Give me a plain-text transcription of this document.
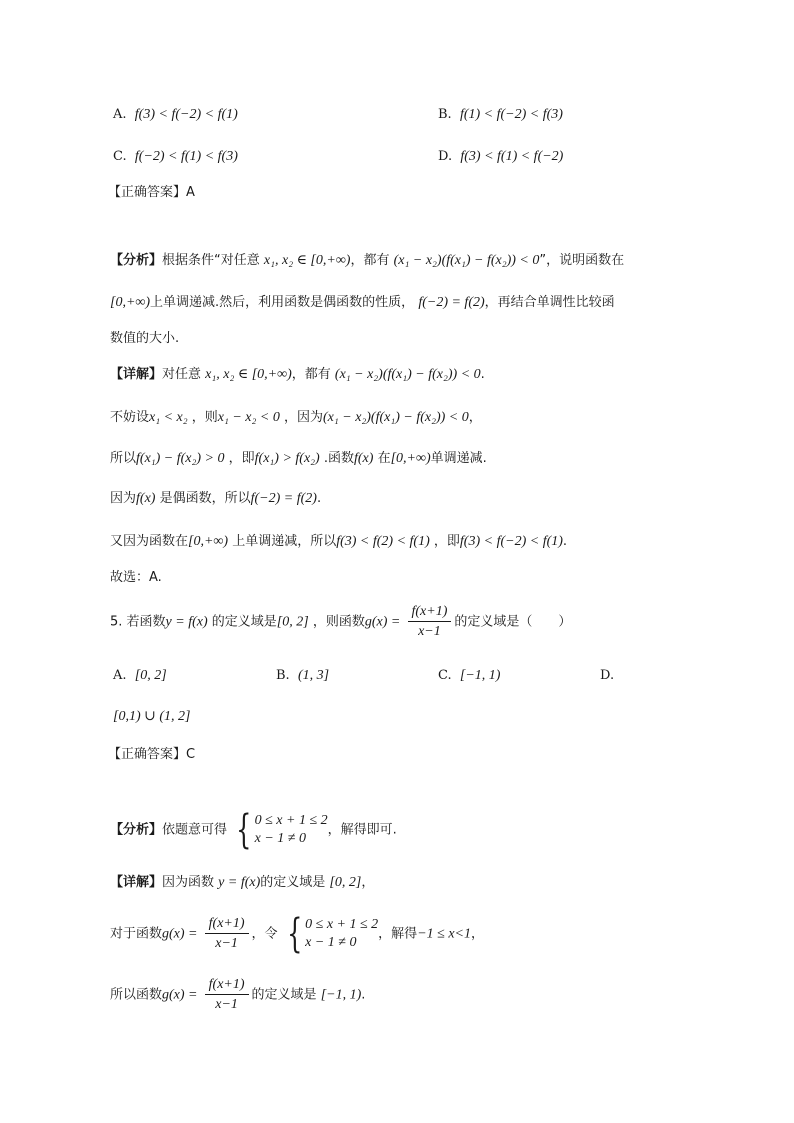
A. f(3) < f(−2) < f(1)	B. f(1) < f(−2) < f(3)
C. f(−2) < f(1) < f(3)	D. f(3) < f(1) < f(−2)
【正确答案】A
【分析】根据条件“对任意 x₁, x₂ ∈ [0,+∞)，都有 (x₁ − x₂)(f(x₁) − f(x₂)) < 0”，说明函数在
[0,+∞)上单调递减.然后，利用函数是偶函数的性质， f(−2) = f(2)，再结合单调性比较函
数值的大小.
【详解】对任意 x₁, x₂ ∈ [0,+∞)，都有 (x₁ − x₂)(f(x₁) − f(x₂)) < 0.
不妨设x₁ < x₂ ，则x₁ − x₂ < 0 ，因为(x₁ − x₂)(f(x₁) − f(x₂)) < 0，
所以f(x₁) − f(x₂) > 0 ，即f(x₁) > f(x₂) .函数f(x) 在[0,+∞)单调递减.
因为f(x) 是偶函数，所以f(−2) = f(2).
又因为函数在[0,+∞) 上单调递减，所以f(3) < f(2) < f(1) ，即f(3) < f(−2) < f(1).
故选：A.
5. 若函数y = f(x) 的定义域是[0, 2] ，则函数$g(x) = \frac{f(x+1)}{x-1}$ 的定义域是（　　）
A. [0, 2]	B. (1, 3]	C. [−1, 1)	D.
[0,1) ∪ (1, 2]
【正确答案】C
【分析】依题意可得 { 0 ≤ x + 1 ≤ 2
x − 1 ≠ 0
，解得即可.
【详解】因为函数 y = f(x)的定义域是 [0, 2]，
对于函数$g(x) = \frac{f(x+1)}{x-1}$ ，令 { 0 ≤ x + 1 ≤ 2
x − 1 ≠ 0
，解得−1 ≤ x<1，
所以函数$g(x) = \frac{f(x+1)}{x-1}$ 的定义域是 [−1, 1).
